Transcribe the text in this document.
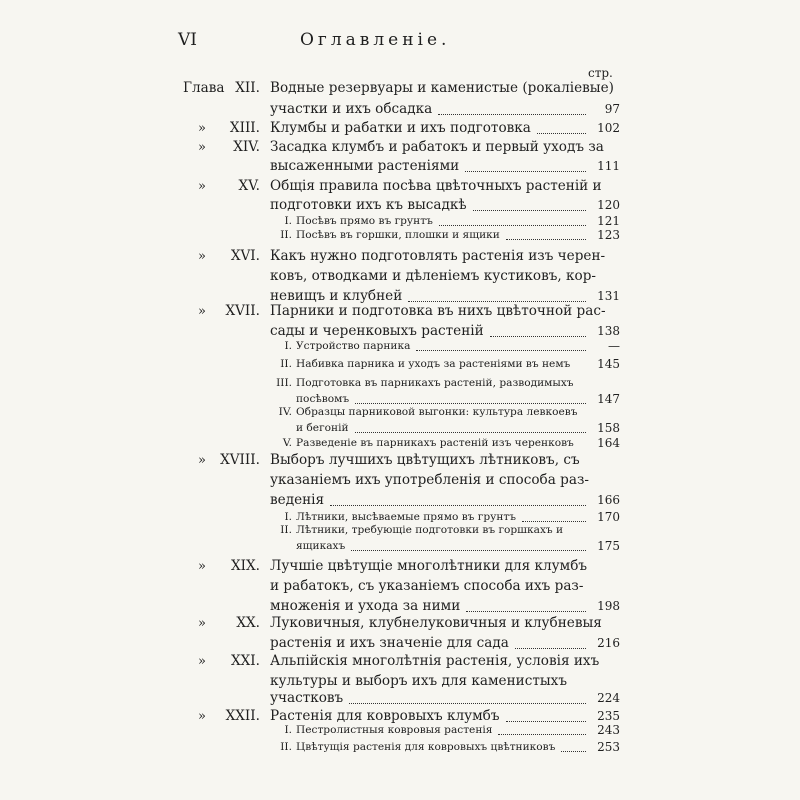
VI	Оглавленіе.
стр.
Глава XII. Водные резервуары и каменистые (рокаліевые)
участки и ихъ обсадка	97
»	XIII. Клумбы и рабатки и ихъ подготовка	102
»	XIV. Засадка клумбъ и рабатокъ и первый уходъ за
высаженными растеніями	111
»	XV. Общія правила посѣва цвѣточныхъ растеній и
подготовки ихъ къ высадкѣ	120
I. Посѣвъ прямо въ грунтъ	121
II. Посѣвъ въ горшки, плошки и ящики	123
»	XVI. Какъ нужно подготовлять растенія изъ черен-
ковъ, отводками и дѣленіемъ кустиковъ, кор-
невищъ и клубней	131
»	XVII. Парники и подготовка въ нихъ цвѣточной рас-
сады и черенковыхъ растеній	138
I. Устройство парника	—
II. Набивка парника и уходъ за растеніями въ немъ	145
III. Подготовка въ парникахъ растеній, разводимыхъ
посѣвомъ	147
IV. Образцы парниковой выгонки: культура левкоевъ
и бегоній	158
V. Разведеніе въ парникахъ растеній изъ черенковъ	164
»	XVIII. Выборъ лучшихъ цвѣтущихъ лѣтниковъ, съ
указаніемъ ихъ употребленія и способа раз-
веденія	166
I. Лѣтники, высѣваемые прямо въ грунтъ	170
II. Лѣтники, требующіе подготовки въ горшкахъ и
ящикахъ	175
»	XIX. Лучшіе цвѣтущіе многолѣтники для клумбъ
и рабатокъ, съ указаніемъ способа ихъ раз-
множенія и ухода за ними	198
»	XX. Луковичныя, клубнелуковичныя и клубневыя
растенія и ихъ значеніе для сада	216
»	XXI. Альпійскія многолѣтнія растенія, условія ихъ
культуры и выборъ ихъ для каменистыхъ
участковъ	224
»	XXII. Растенія для ковровыхъ клумбъ	235
I. Пестролистныя ковровыя растенія	243
II. Цвѣтущія растенія для ковровыхъ цвѣтниковъ	253
